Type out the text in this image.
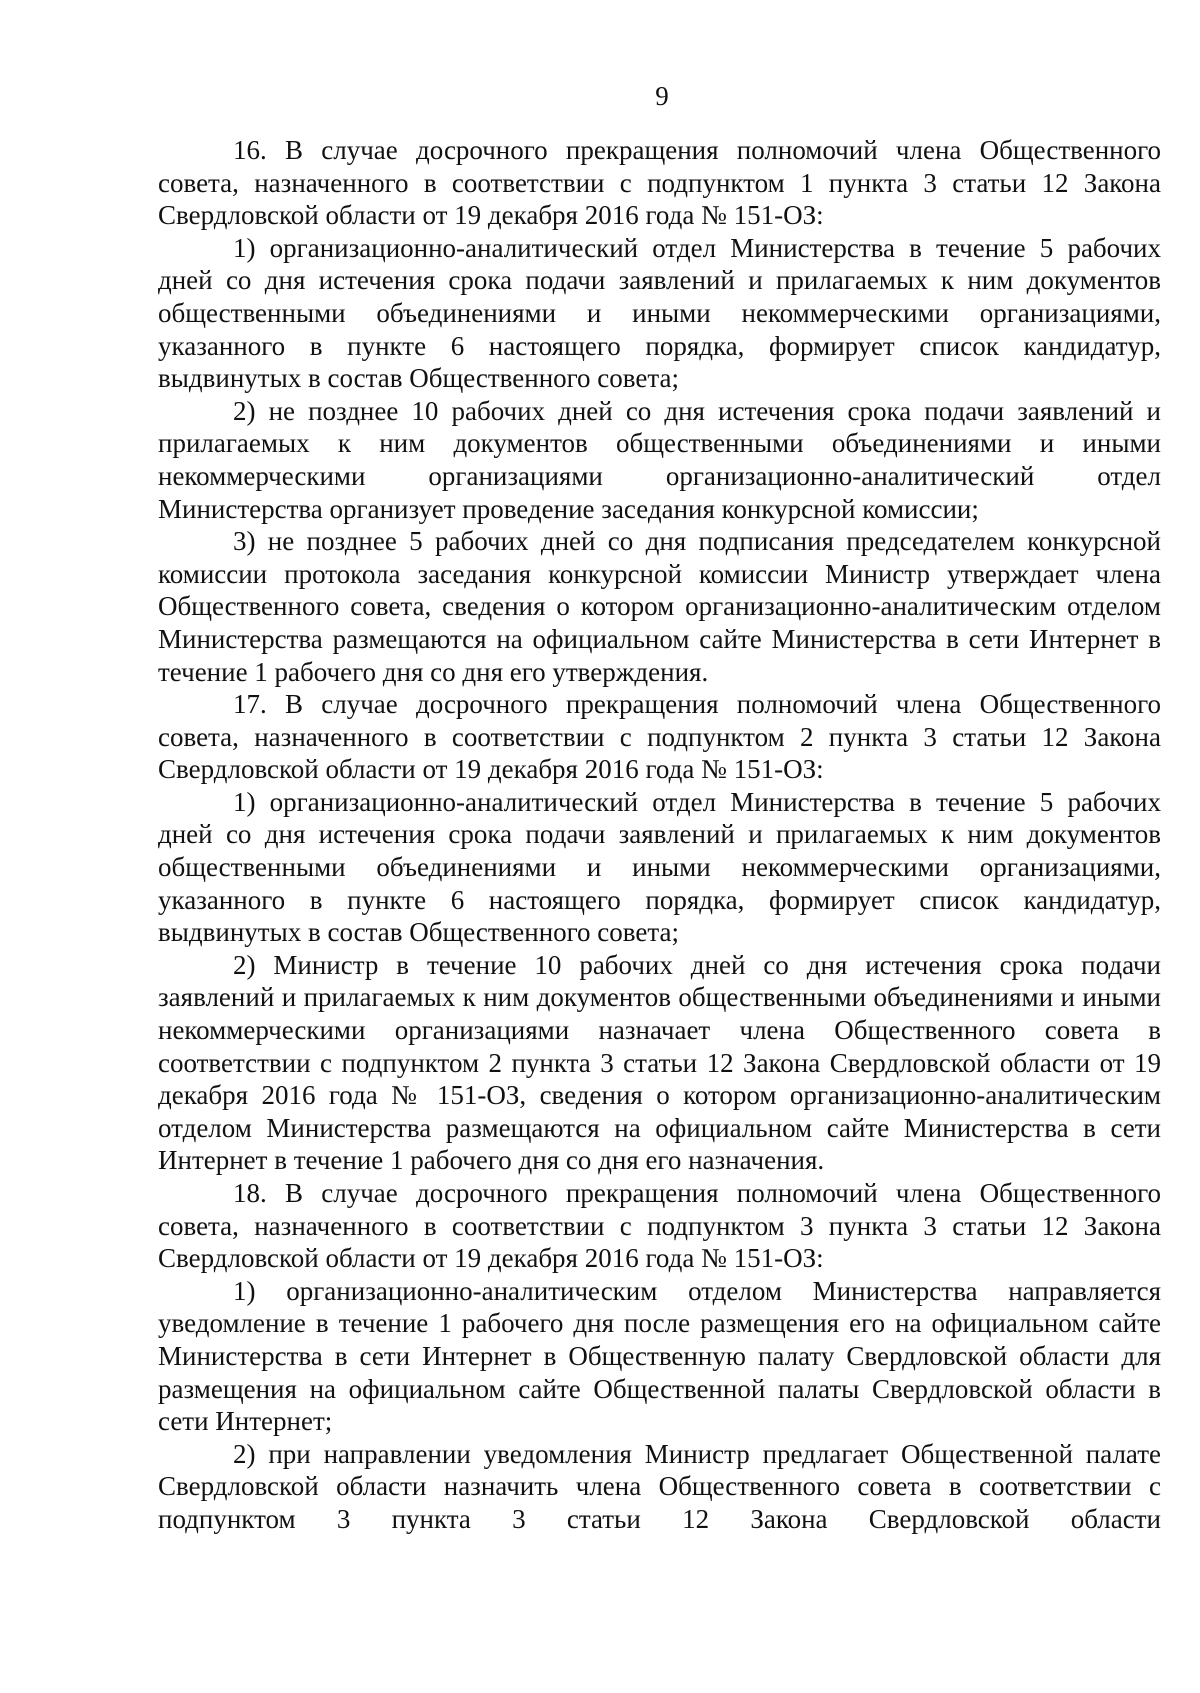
9

16. В случае досрочного прекращения полномочий члена Общественного совета, назначенного в соответствии с подпунктом 1 пункта 3 статьи 12 Закона Свердловской области от 19 декабря 2016 года № 151-ОЗ:

1) организационно-аналитический отдел Министерства в течение 5 рабочих дней со дня истечения срока подачи заявлений и прилагаемых к ним документов общественными объединениями и иными некоммерческими организациями, указанного в пункте 6 настоящего порядка, формирует список кандидатур, выдвинутых в состав Общественного совета;

2) не позднее 10 рабочих дней со дня истечения срока подачи заявлений и прилагаемых к ним документов общественными объединениями и иными некоммерческими организациями организационно-аналитический отдел Министерства организует проведение заседания конкурсной комиссии;

3) не позднее 5 рабочих дней со дня подписания председателем конкурсной комиссии протокола заседания конкурсной комиссии Министр утверждает члена Общественного совета, сведения о котором организационно-аналитическим отделом Министерства размещаются на официальном сайте Министерства в сети Интернет в течение 1 рабочего дня со дня его утверждения.

17. В случае досрочного прекращения полномочий члена Общественного совета, назначенного в соответствии с подпунктом 2 пункта 3 статьи 12 Закона Свердловской области от 19 декабря 2016 года № 151-ОЗ:

1) организационно-аналитический отдел Министерства в течение 5 рабочих дней со дня истечения срока подачи заявлений и прилагаемых к ним документов общественными объединениями и иными некоммерческими организациями, указанного в пункте 6 настоящего порядка, формирует список кандидатур, выдвинутых в состав Общественного совета;

2) Министр в течение 10 рабочих дней со дня истечения срока подачи заявлений и прилагаемых к ним документов общественными объединениями и иными некоммерческими организациями назначает члена Общественного совета в соответствии с подпунктом 2 пункта 3 статьи 12 Закона Свердловской области от 19 декабря 2016 года № 151-ОЗ, сведения о котором организационно-аналитическим отделом Министерства размещаются на официальном сайте Министерства в сети Интернет в течение 1 рабочего дня со дня его назначения.

18. В случае досрочного прекращения полномочий члена Общественного совета, назначенного в соответствии с подпунктом 3 пункта 3 статьи 12 Закона Свердловской области от 19 декабря 2016 года № 151-ОЗ:

1) организационно-аналитическим отделом Министерства направляется уведомление в течение 1 рабочего дня после размещения его на официальном сайте Министерства в сети Интернет в Общественную палату Свердловской области для размещения на официальном сайте Общественной палаты Свердловской области в сети Интернет;

2) при направлении уведомления Министр предлагает Общественной палате Свердловской области назначить члена Общественного совета в соответствии с подпунктом 3 пункта 3 статьи 12 Закона Свердловской области
